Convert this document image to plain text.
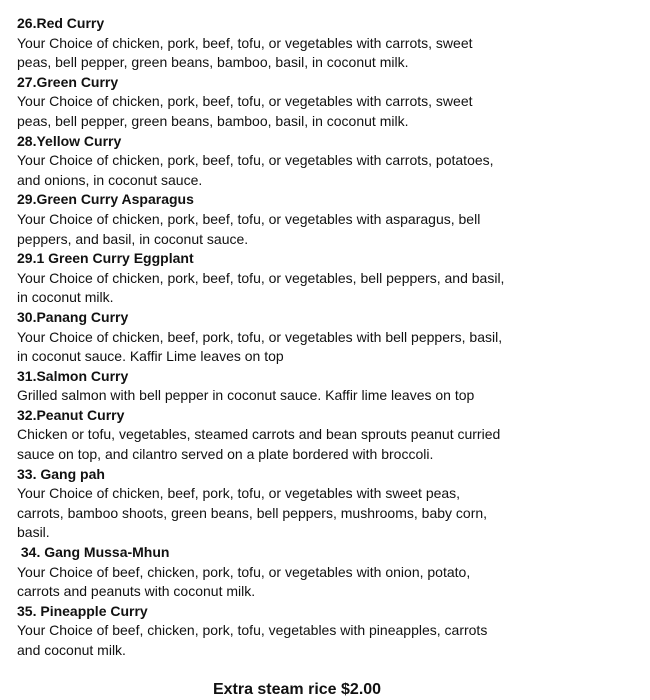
26.Red Curry
Your Choice of chicken, pork, beef, tofu, or vegetables with carrots, sweet
peas, bell pepper, green beans, bamboo, basil, in coconut milk.
27.Green Curry
Your Choice of chicken, pork, beef, tofu, or vegetables with carrots, sweet
peas, bell pepper, green beans, bamboo, basil, in coconut milk.
28.Yellow Curry
Your Choice of chicken, pork, beef, tofu, or vegetables with carrots, potatoes,
and onions, in coconut sauce.
29.Green Curry Asparagus
Your Choice of chicken, pork, beef, tofu, or vegetables with asparagus, bell
peppers, and basil, in coconut sauce.
29.1 Green Curry Eggplant
Your Choice of chicken, pork, beef, tofu, or vegetables, bell peppers, and basil,
in coconut milk.
30.Panang Curry
Your Choice of chicken, beef, pork, tofu, or vegetables with bell peppers, basil,
in coconut sauce. Kaffir Lime leaves on top
31.Salmon Curry
Grilled salmon with bell pepper in coconut sauce. Kaffir lime leaves on top
32.Peanut Curry
Chicken or tofu, vegetables, steamed carrots and bean sprouts peanut curried
sauce on top, and cilantro served on a plate bordered with broccoli.
33. Gang pah
Your Choice of chicken, beef, pork, tofu, or vegetables with sweet peas,
carrots, bamboo shoots, green beans, bell peppers, mushrooms, baby corn,
basil.
34. Gang Mussa-Mhun
Your Choice of beef, chicken, pork, tofu, or vegetables with onion, potato,
carrots and peanuts with coconut milk.
35. Pineapple Curry
Your Choice of beef, chicken, pork, tofu, vegetables with pineapples, carrots
and coconut milk.
Extra steam rice $2.00
